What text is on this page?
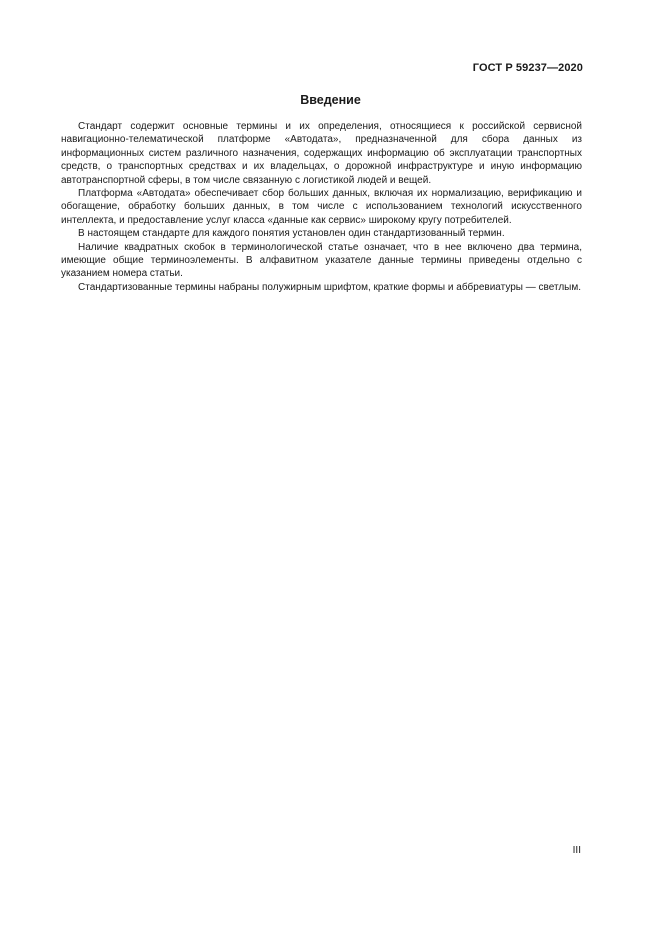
ГОСТ Р 59237—2020
Введение

Стандарт содержит основные термины и их определения, относящиеся к российской сервисной навигационно-телематической платформе «Автодата», предназначенной для сбора данных из информационных систем различного назначения, содержащих информацию об эксплуатации транспортных средств, о транспортных средствах и их владельцах, о дорожной инфраструктуре и иную информацию автотранспортной сферы, в том числе связанную с логистикой людей и вещей.

Платформа «Автодата» обеспечивает сбор больших данных, включая их нормализацию, верификацию и обогащение, обработку больших данных, в том числе с использованием технологий искусственного интеллекта, и предоставление услуг класса «данные как сервис» широкому кругу потребителей.

В настоящем стандарте для каждого понятия установлен один стандартизованный термин.

Наличие квадратных скобок в терминологической статье означает, что в нее включено два термина, имеющие общие терминоэлементы. В алфавитном указателе данные термины приведены отдельно с указанием номера статьи.

Стандартизованные термины набраны полужирным шрифтом, краткие формы и аббревиатуры — светлым.

III
